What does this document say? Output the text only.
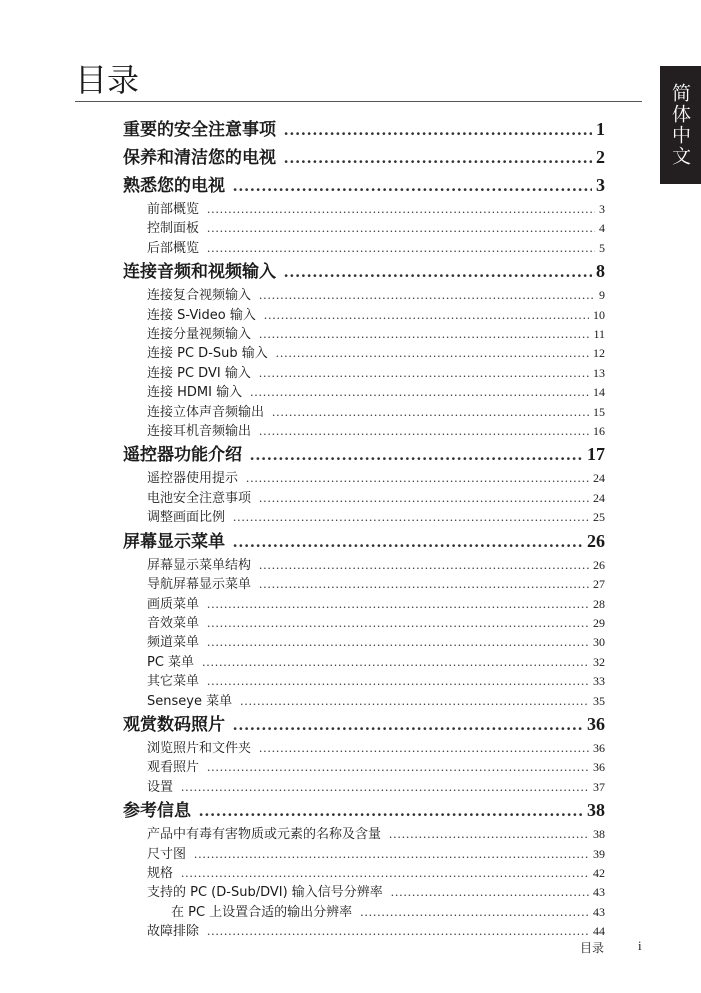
目录
简体中文
重要的安全注意事项 .....	1
保养和清洁您的电视 .....	2
熟悉您的电视 .....	3
前部概览 .....	3
控制面板 .....	4
后部概览 .....	5
连接音频和视频输入 .....	8
连接复合视频输入 .....	9
连接 S-Video 输入 .....	10
连接分量视频输入 .....	11
连接 PC D-Sub 输入 .....	12
连接 PC DVI 输入 .....	13
连接 HDMI 输入 .....	14
连接立体声音频输出 .....	15
连接耳机音频输出 .....	16
遥控器功能介绍 .....	17
遥控器使用提示 .....	24
电池安全注意事项 .....	24
调整画面比例 .....	25
屏幕显示菜单 .....	26
屏幕显示菜单结构 .....	26
导航屏幕显示菜单 .....	27
画质菜单 .....	28
音效菜单 .....	29
频道菜单 .....	30
PC 菜单 .....	32
其它菜单 .....	33
Senseye 菜单 .....	35
观赏数码照片 .....	36
浏览照片和文件夹 .....	36
观看照片 .....	36
设置 .....	37
参考信息 .....	38
产品中有毒有害物质或元素的名称及含量 .....	38
尺寸图 .....	39
规格 .....	42
支持的 PC (D-Sub/DVI) 输入信号分辨率 .....	43
在 PC 上设置合适的输出分辨率 .....	43
故障排除 .....	44
目录	i
